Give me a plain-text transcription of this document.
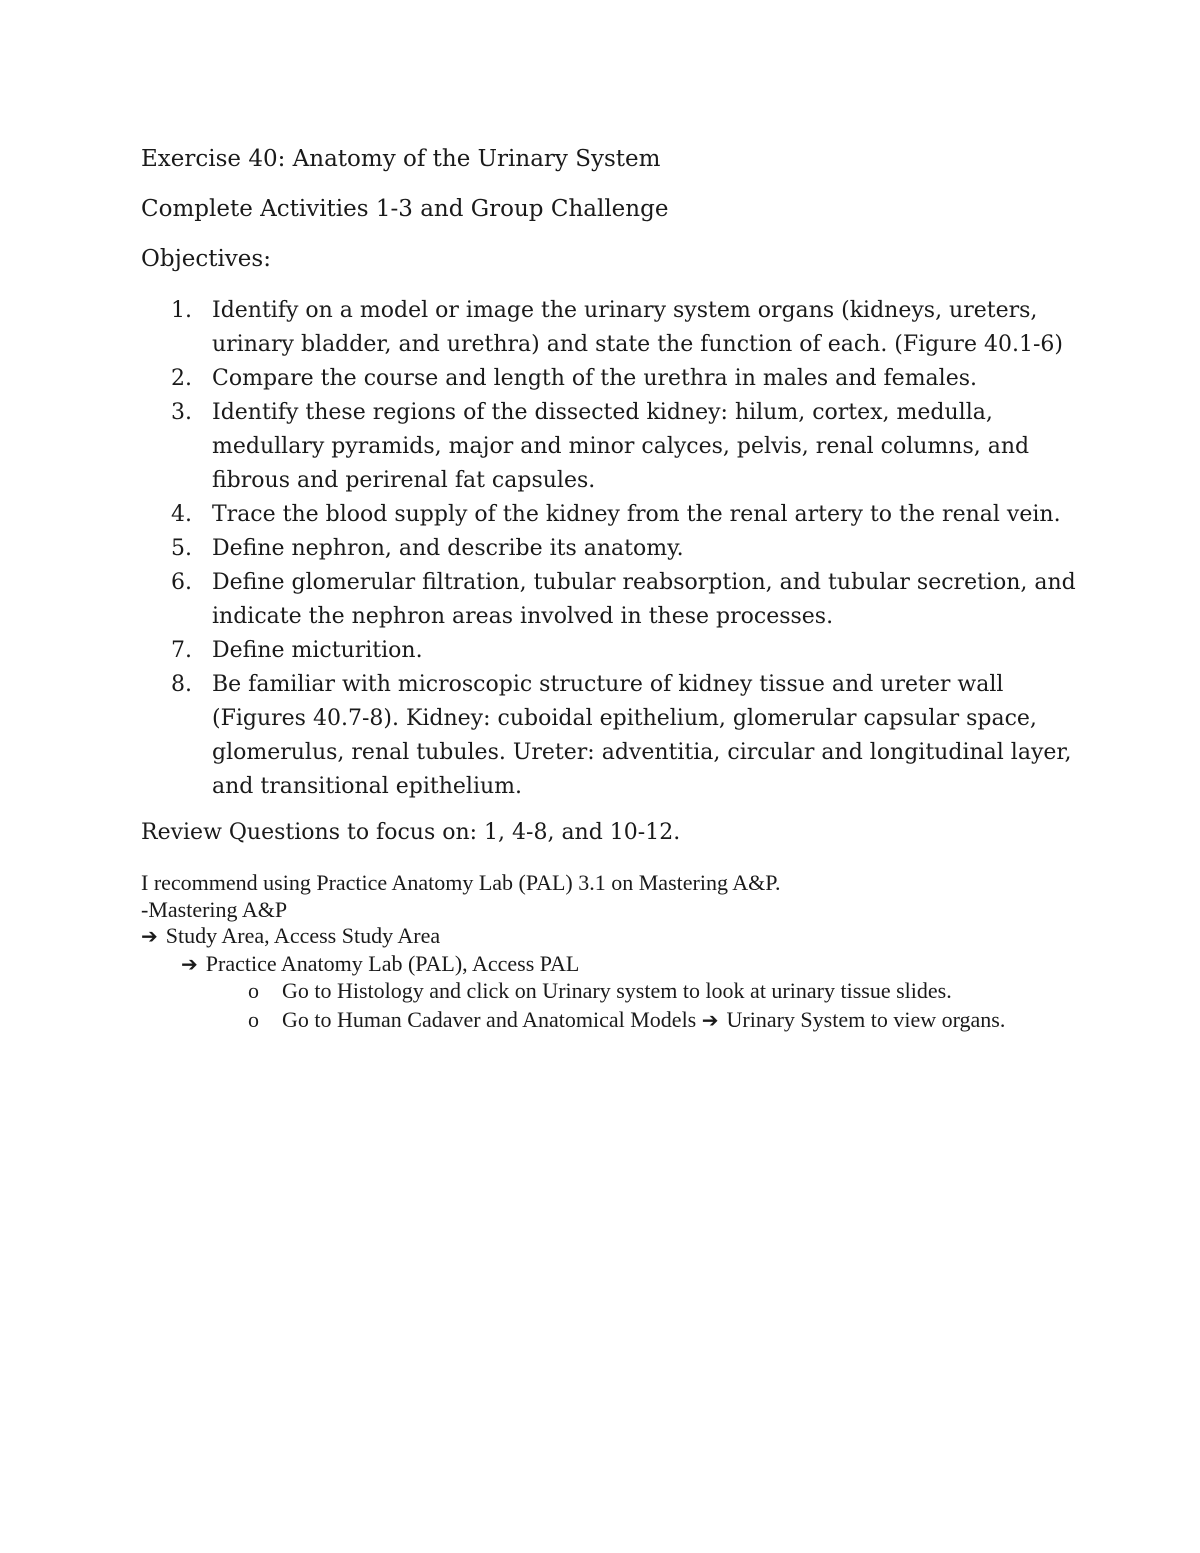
Exercise 40: Anatomy of the Urinary System
Complete Activities 1-3 and Group Challenge
Objectives:
1. Identify on a model or image the urinary system organs (kidneys, ureters, urinary bladder, and urethra) and state the function of each. (Figure 40.1-6)
2. Compare the course and length of the urethra in males and females.
3. Identify these regions of the dissected kidney: hilum, cortex, medulla, medullary pyramids, major and minor calyces, pelvis, renal columns, and fibrous and perirenal fat capsules.
4. Trace the blood supply of the kidney from the renal artery to the renal vein.
5. Define nephron, and describe its anatomy.
6. Define glomerular filtration, tubular reabsorption, and tubular secretion, and indicate the nephron areas involved in these processes.
7. Define micturition.
8. Be familiar with microscopic structure of kidney tissue and ureter wall (Figures 40.7-8). Kidney: cuboidal epithelium, glomerular capsular space, glomerulus, renal tubules. Ureter: adventitia, circular and longitudinal layer, and transitional epithelium.
Review Questions to focus on: 1, 4-8, and 10-12.
I recommend using Practice Anatomy Lab (PAL) 3.1 on Mastering A&P.
-Mastering A&P
➔ Study Area, Access Study Area
➔ Practice Anatomy Lab (PAL), Access PAL
o	Go to Histology and click on Urinary system to look at urinary tissue slides.
o	Go to Human Cadaver and Anatomical Models ➔ Urinary System to view organs.
